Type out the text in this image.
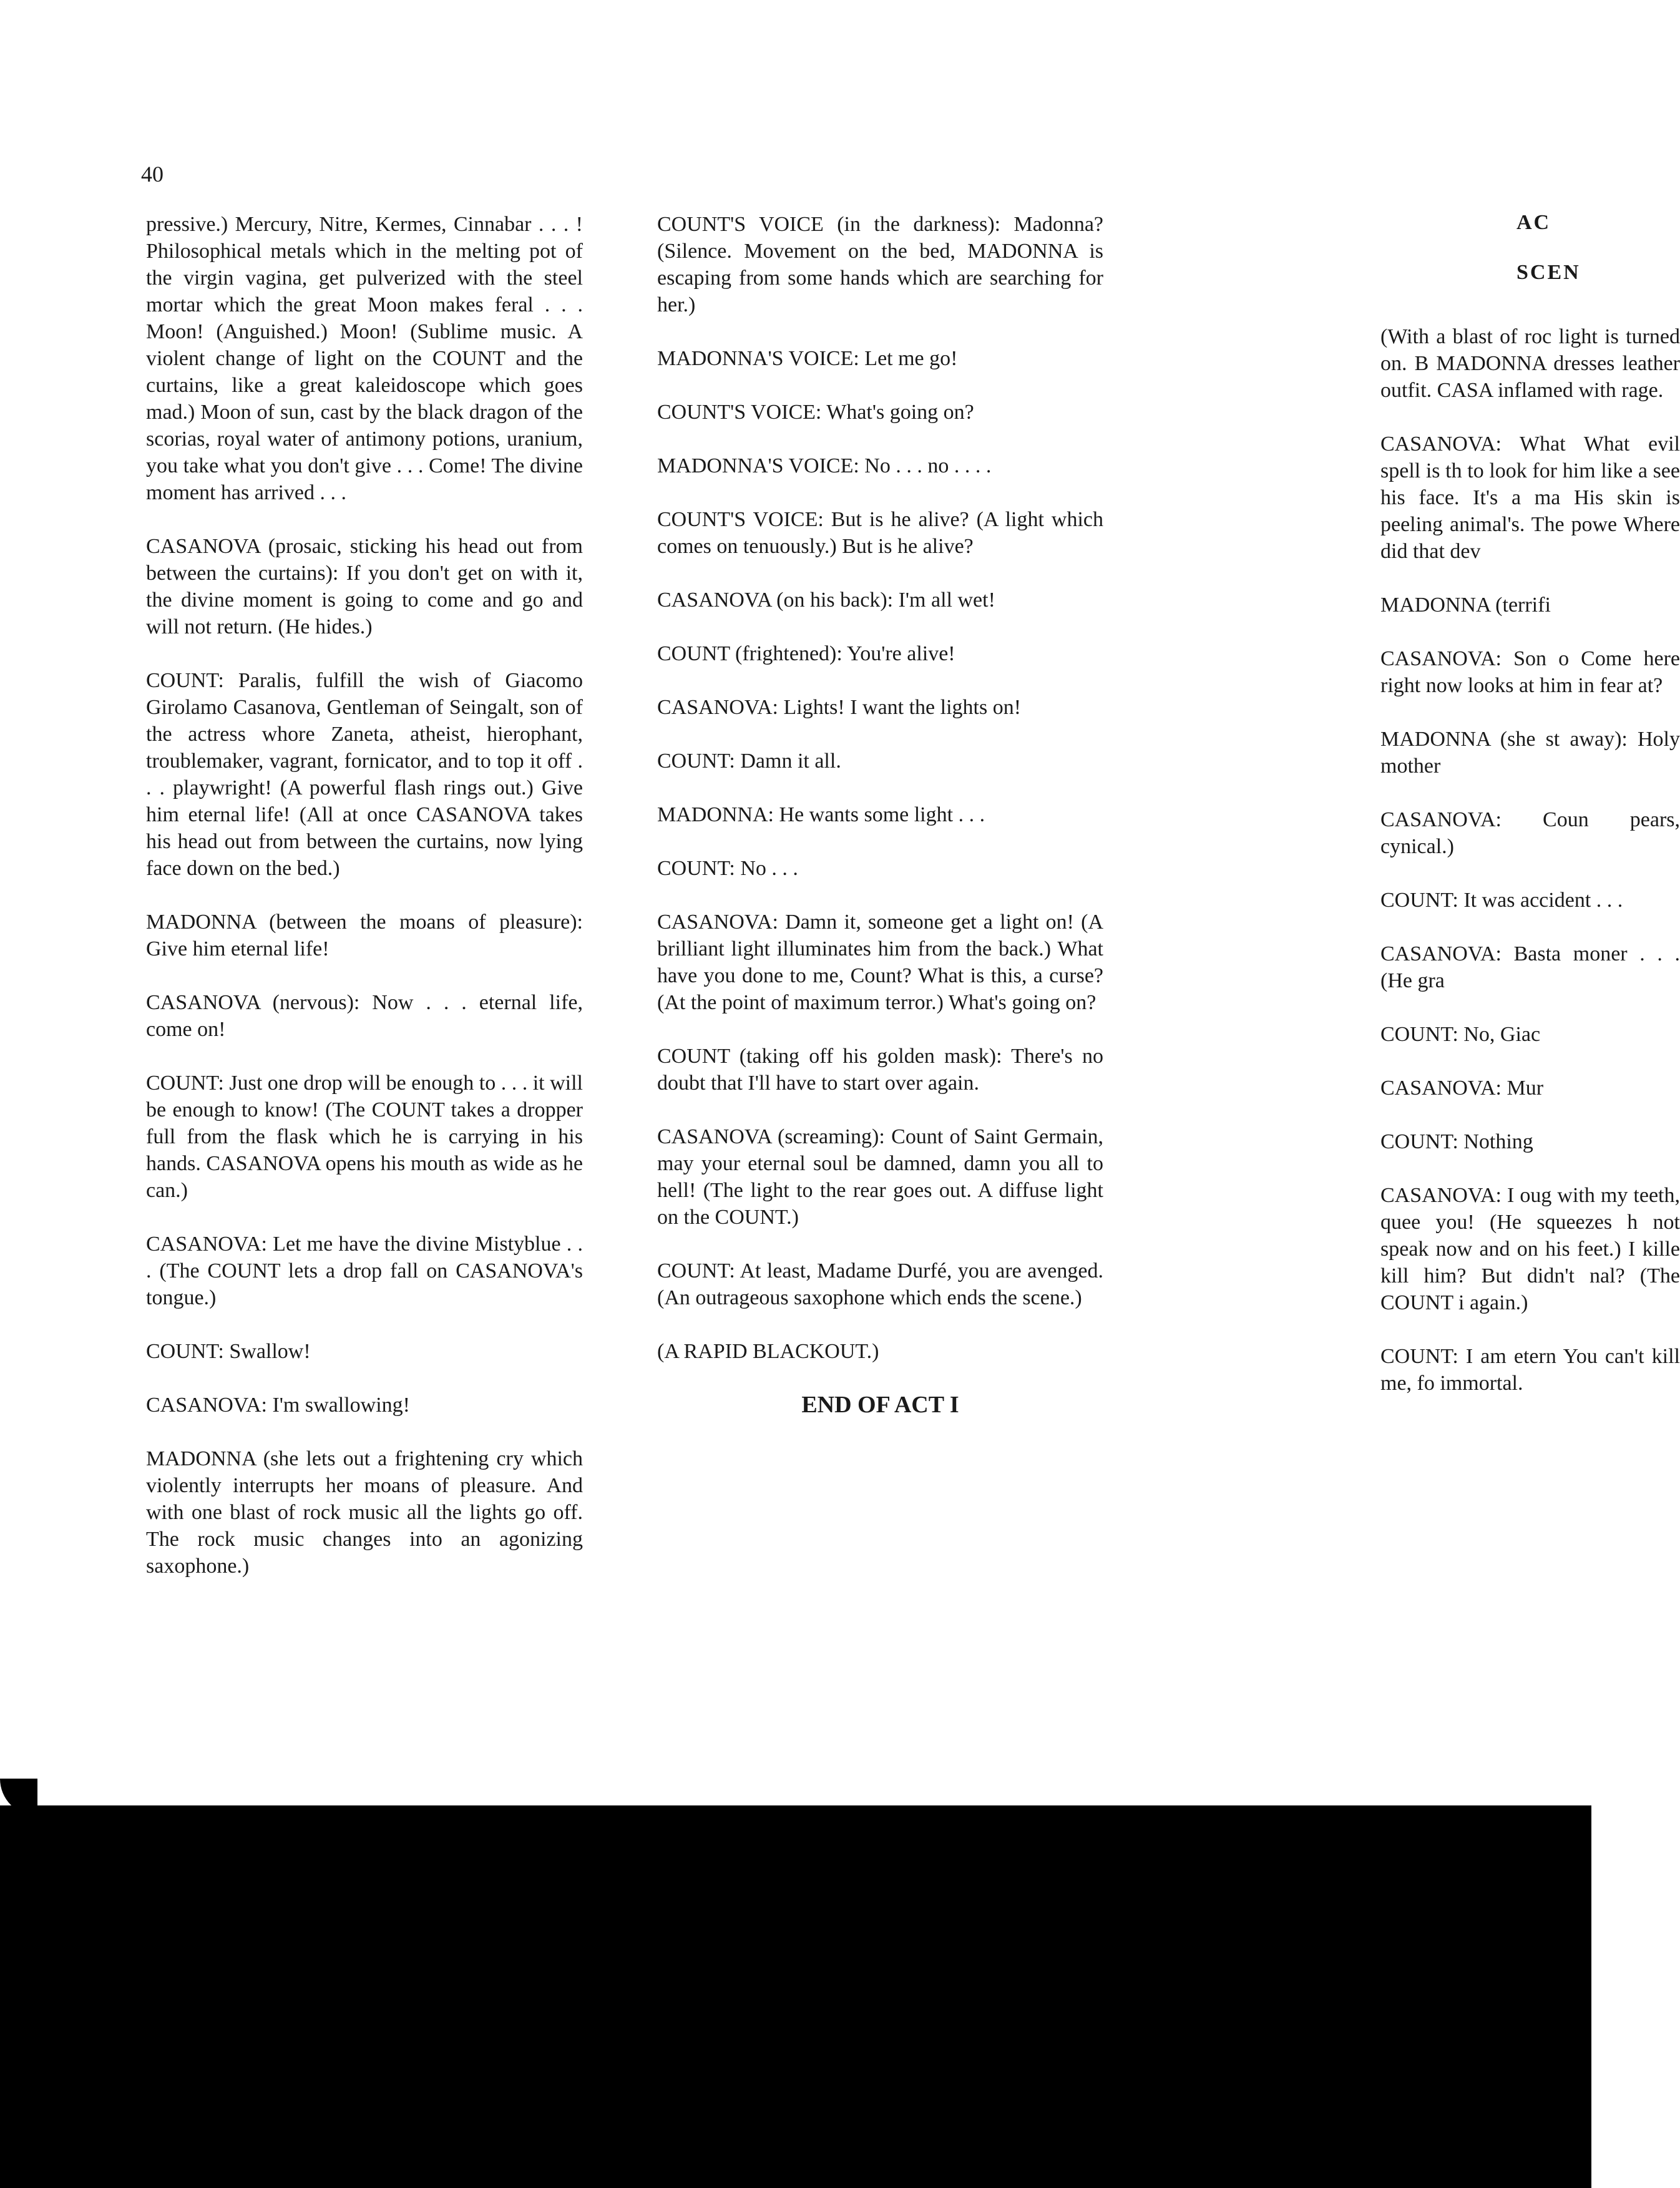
40

pressive.) Mercury, Nitre, Kermes, Cinnabar . . . ! Philosophical metals which in the melting pot of the virgin vagina, get pulverized with the steel mortar which the great Moon makes feral . . . Moon! (Anguished.) Moon! (Sublime music. A violent change of light on the COUNT and the curtains, like a great kaleidoscope which goes mad.) Moon of sun, cast by the black dragon of the scorias, royal water of antimony potions, uranium, you take what you don't give . . . Come! The divine moment has arrived . . .

CASANOVA (prosaic, sticking his head out from between the curtains): If you don't get on with it, the divine moment is going to come and go and will not return. (He hides.)

COUNT: Paralis, fulfill the wish of Giacomo Girolamo Casanova, Gentleman of Seingalt, son of the actress whore Zaneta, atheist, hierophant, troublemaker, vagrant, fornicator, and to top it off . . . playwright! (A powerful flash rings out.) Give him eternal life! (All at once CASANOVA takes his head out from between the curtains, now lying face down on the bed.)

MADONNA (between the moans of pleasure): Give him eternal life!

CASANOVA (nervous): Now . . . eternal life, come on!

COUNT: Just one drop will be enough to . . . it will be enough to know! (The COUNT takes a dropper full from the flask which he is carrying in his hands. CASANOVA opens his mouth as wide as he can.)

CASANOVA: Let me have the divine Mistyblue . . . (The COUNT lets a drop fall on CASANOVA's tongue.)

COUNT: Swallow!

CASANOVA: I'm swallowing!

MADONNA (she lets out a frightening cry which violently interrupts her moans of pleasure. And with one blast of rock music all the lights go off. The rock music changes into an agonizing saxophone.)

COUNT'S VOICE (in the darkness): Madonna? (Silence. Movement on the bed, MADONNA is escaping from some hands which are searching for her.)

MADONNA'S VOICE: Let me go!

COUNT'S VOICE: What's going on?

MADONNA'S VOICE: No . . . no . . . .

COUNT'S VOICE: But is he alive? (A light which comes on tenuously.) But is he alive?

CASANOVA (on his back): I'm all wet!

COUNT (frightened): You're alive!

CASANOVA: Lights! I want the lights on!

COUNT: Damn it all.

MADONNA: He wants some light . . .

COUNT: No . . .

CASANOVA: Damn it, someone get a light on! (A brilliant light illuminates him from the back.) What have you done to me, Count? What is this, a curse? (At the point of maximum terror.) What's going on?

COUNT (taking off his golden mask): There's no doubt that I'll have to start over again.

CASANOVA (screaming): Count of Saint Germain, may your eternal soul be damned, damn you all to hell! (The light to the rear goes out. A diffuse light on the COUNT.)

COUNT: At least, Madame Durfé, you are avenged. (An outrageous saxophone which ends the scene.)

(A RAPID BLACKOUT.)

END OF ACT I
AC
SCEN

(With a blast of roc light is turned on. B MADONNA dresses leather outfit. CASA inflamed with rage.

CASANOVA: What What evil spell is th to look for him like a see his face. It's a ma His skin is peeling animal's. The powe Where did that dev

MADONNA (terrifi

CASANOVA: Son o Come here right now looks at him in fear at?

MADONNA (she st away): Holy mother

CASANOVA: Coun pears, cynical.)

COUNT: It was accident . . .

CASANOVA: Basta moner . . . (He gra

COUNT: No, Giac

CASANOVA: Mur

COUNT: Nothing

CASANOVA: I oug with my teeth, quee you! (He squeezes h not speak now and on his feet.) I kille kill him? But didn't nal? (The COUNT i again.)

COUNT: I am etern You can't kill me, fo immortal.
